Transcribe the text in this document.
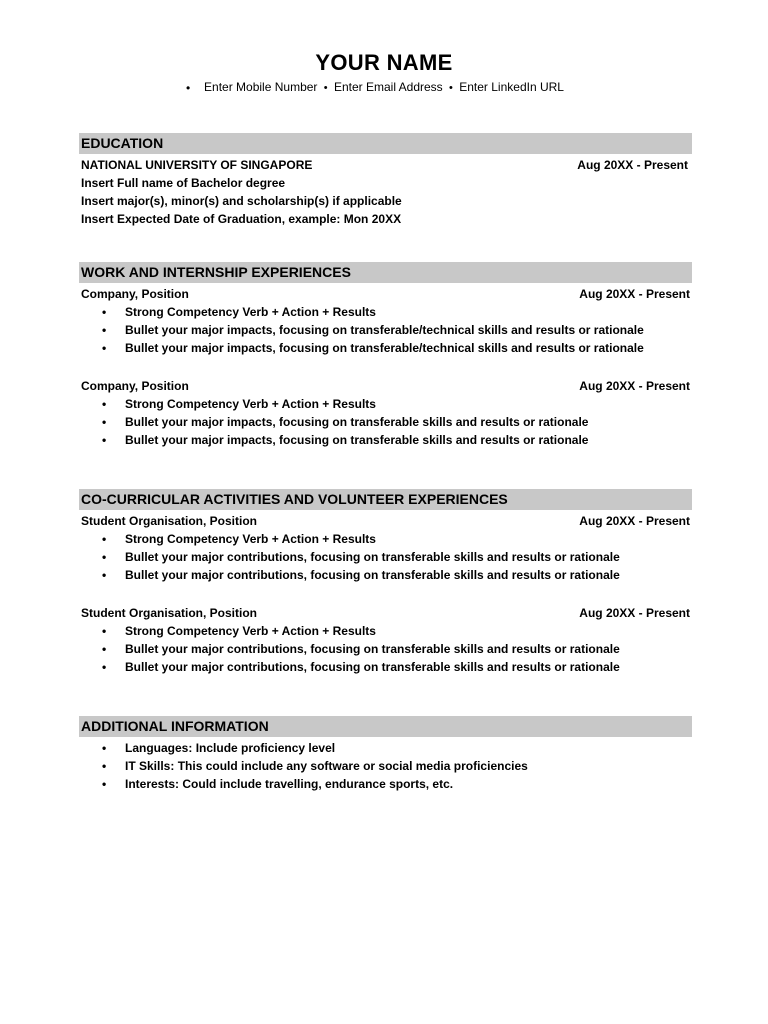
YOUR NAME
• Enter Mobile Number • Enter Email Address • Enter LinkedIn URL
EDUCATION
NATIONAL UNIVERSITY OF SINGAPORE	Aug 20XX - Present
Insert Full name of Bachelor degree
Insert major(s), minor(s) and scholarship(s) if applicable
Insert Expected Date of Graduation, example: Mon 20XX
WORK AND INTERNSHIP EXPERIENCES
Company, Position	Aug 20XX - Present
• Strong Competency Verb + Action + Results
• Bullet your major impacts, focusing on transferable/technical skills and results or rationale
• Bullet your major impacts, focusing on transferable/technical skills and results or rationale
Company, Position	Aug 20XX - Present
• Strong Competency Verb + Action + Results
• Bullet your major impacts, focusing on transferable skills and results or rationale
• Bullet your major impacts, focusing on transferable skills and results or rationale
CO-CURRICULAR ACTIVITIES AND VOLUNTEER EXPERIENCES
Student Organisation, Position	Aug 20XX - Present
• Strong Competency Verb + Action + Results
• Bullet your major contributions, focusing on transferable skills and results or rationale
• Bullet your major contributions, focusing on transferable skills and results or rationale
Student Organisation, Position	Aug 20XX - Present
• Strong Competency Verb + Action + Results
• Bullet your major contributions, focusing on transferable skills and results or rationale
• Bullet your major contributions, focusing on transferable skills and results or rationale
ADDITIONAL INFORMATION
• Languages: Include proficiency level
• IT Skills: This could include any software or social media proficiencies
• Interests: Could include travelling, endurance sports, etc.
